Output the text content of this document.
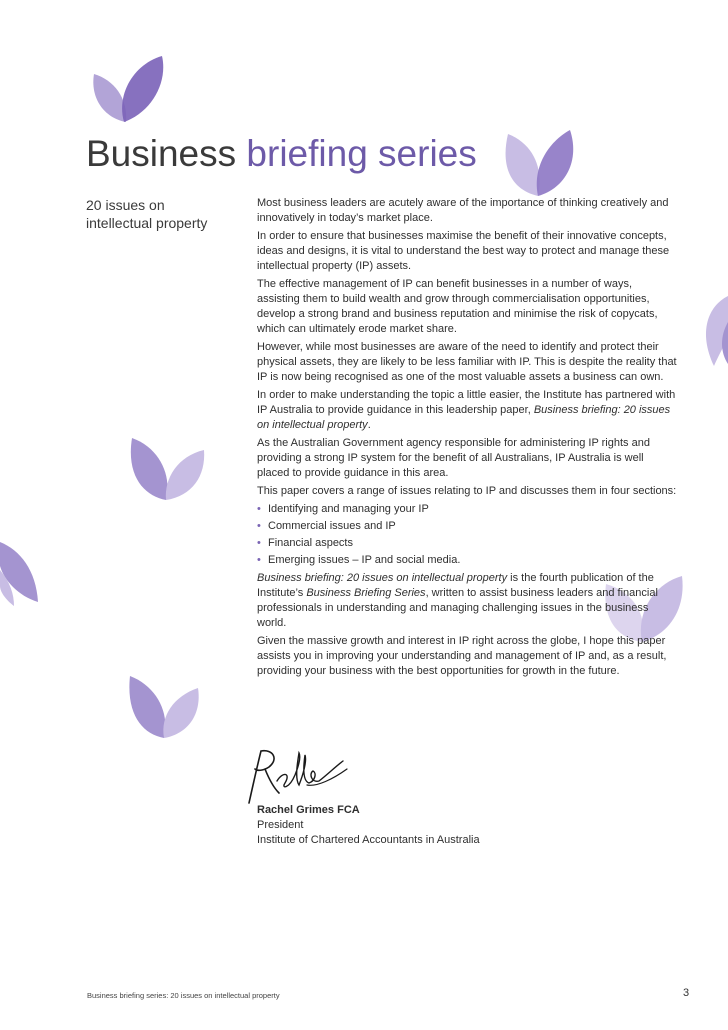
Business briefing series
20 issues on
intellectual property

Most business leaders are acutely aware of the importance of thinking creatively and innovatively in today’s market place.

In order to ensure that businesses maximise the benefit of their innovative concepts, ideas and designs, it is vital to understand the best way to protect and manage these intellectual property (IP) assets.

The effective management of IP can benefit businesses in a number of ways, assisting them to build wealth and grow through commercialisation opportunities, develop a strong brand and business reputation and minimise the risk of copycats, which can ultimately erode market share.

However, while most businesses are aware of the need to identify and protect their physical assets, they are likely to be less familiar with IP. This is despite the reality that IP is now being recognised as one of the most valuable assets a business can own.

In order to make understanding the topic a little easier, the Institute has partnered with IP Australia to provide guidance in this leadership paper, Business briefing: 20 issues on intellectual property.

As the Australian Government agency responsible for administering IP rights and providing a strong IP system for the benefit of all Australians, IP Australia is well placed to provide guidance in this area.

This paper covers a range of issues relating to IP and discusses them in four sections:

• Identifying and managing your IP
• Commercial issues and IP
• Financial aspects
• Emerging issues – IP and social media.

Business briefing: 20 issues on intellectual property is the fourth publication of the Institute’s Business Briefing Series, written to assist business leaders and financial professionals in understanding and managing challenging issues in the business world.

Given the massive growth and interest in IP right across the globe, I hope this paper assists you in improving your understanding and management of IP and, as a result, providing your business with the best opportunities for growth in the future.

Rachel Grimes FCA
President
Institute of Chartered Accountants in Australia
Business briefing series: 20 issues on intellectual property	3
